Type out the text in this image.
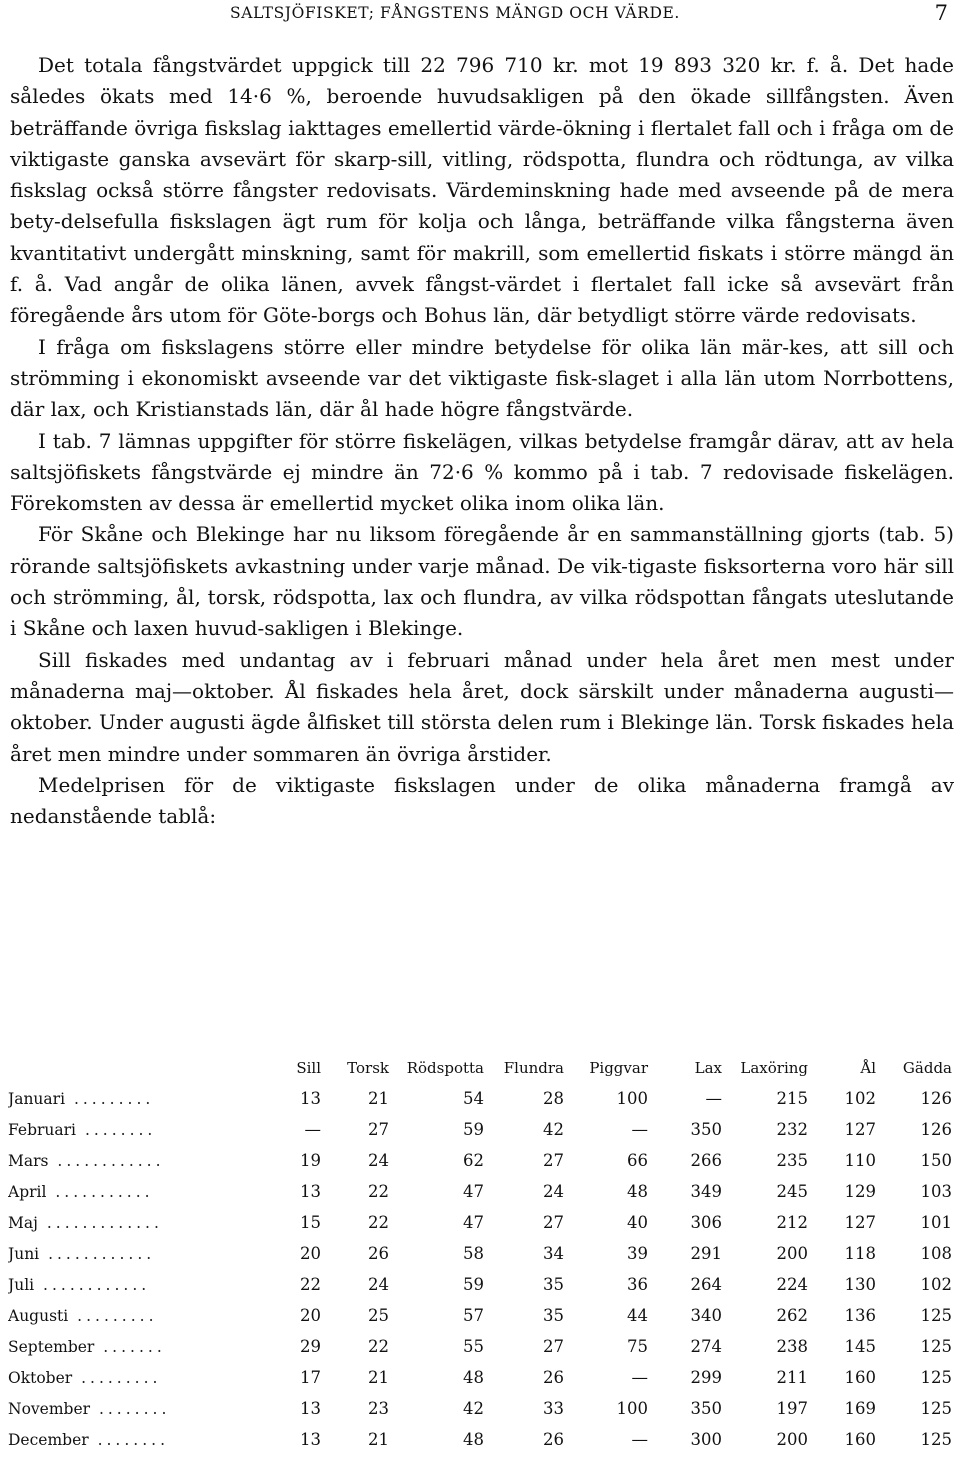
SALTSJÖFISKET; FÅNGSTENS MÄNGD OCH VÄRDE.	7

Det totala fångstvärdet uppgick till 22 796 710 kr. mot 19 893 320 kr. f. å. Det hade således ökats med 14·6 %, beroende huvudsakligen på den ökade sillfångsten. Även beträffande övriga fiskslag iakttages emellertid värde-ökning i flertalet fall och i fråga om de viktigaste ganska avsevärt för skarp-sill, vitling, rödspotta, flundra och rödtunga, av vilka fiskslag också större fångster redovisats. Värdeminskning hade med avseende på de mera bety-delsefulla fiskslagen ägt rum för kolja och långa, beträffande vilka fångsterna även kvantitativt undergått minskning, samt för makrill, som emellertid fiskats i större mängd än f. å. Vad angår de olika länen, avvek fångst-värdet i flertalet fall icke så avsevärt från föregående års utom för Göte-borgs och Bohus län, där betydligt större värde redovisats.

I fråga om fiskslagens större eller mindre betydelse för olika län mär-kes, att sill och strömming i ekonomiskt avseende var det viktigaste fisk-slaget i alla län utom Norrbottens, där lax, och Kristianstads län, där ål hade högre fångstvärde.

I tab. 7 lämnas uppgifter för större fiskelägen, vilkas betydelse framgår därav, att av hela saltsjöfiskets fångstvärde ej mindre än 72·6 % kommo på i tab. 7 redovisade fiskelägen. Förekomsten av dessa är emellertid mycket olika inom olika län.

För Skåne och Blekinge har nu liksom föregående år en sammanställning gjorts (tab. 5) rörande saltsjöfiskets avkastning under varje månad. De vik-tigaste fisksorterna voro här sill och strömming, ål, torsk, rödspotta, lax och flundra, av vilka rödspottan fångats uteslutande i Skåne och laxen huvud-sakligen i Blekinge.

Sill fiskades med undantag av i februari månad under hela året men mest under månaderna maj—oktober. Ål fiskades hela året, dock särskilt under månaderna augusti—oktober. Under augusti ägde ålfisket till största delen rum i Blekinge län. Torsk fiskades hela året men mindre under sommaren än övriga årstider.

Medelprisen för de viktigaste fiskslagen under de olika månaderna framgå av nedanstående tablå:

	Sill	Torsk	Rödspotta	Flundra	Piggvar	Lax	Laxöring	Ål	Gädda
Januari .........	13	21	54	28	100	—	215	102	126
Februari ........	—	27	59	42	—	350	232	127	126
Mars ............	19	24	62	27	66	266	235	110	150
April ...........	13	22	47	24	48	349	245	129	103
Maj .............	15	22	47	27	40	306	212	127	101
Juni ............	20	26	58	34	39	291	200	118	108
Juli ............	22	24	59	35	36	264	224	130	102
Augusti .........	20	25	57	35	44	340	262	136	125
September .......	29	22	55	27	75	274	238	145	125
Oktober .........	17	21	48	26	—	299	211	160	125
November ........	13	23	42	33	100	350	197	169	125
December ........	13	21	48	26	—	300	200	160	125
